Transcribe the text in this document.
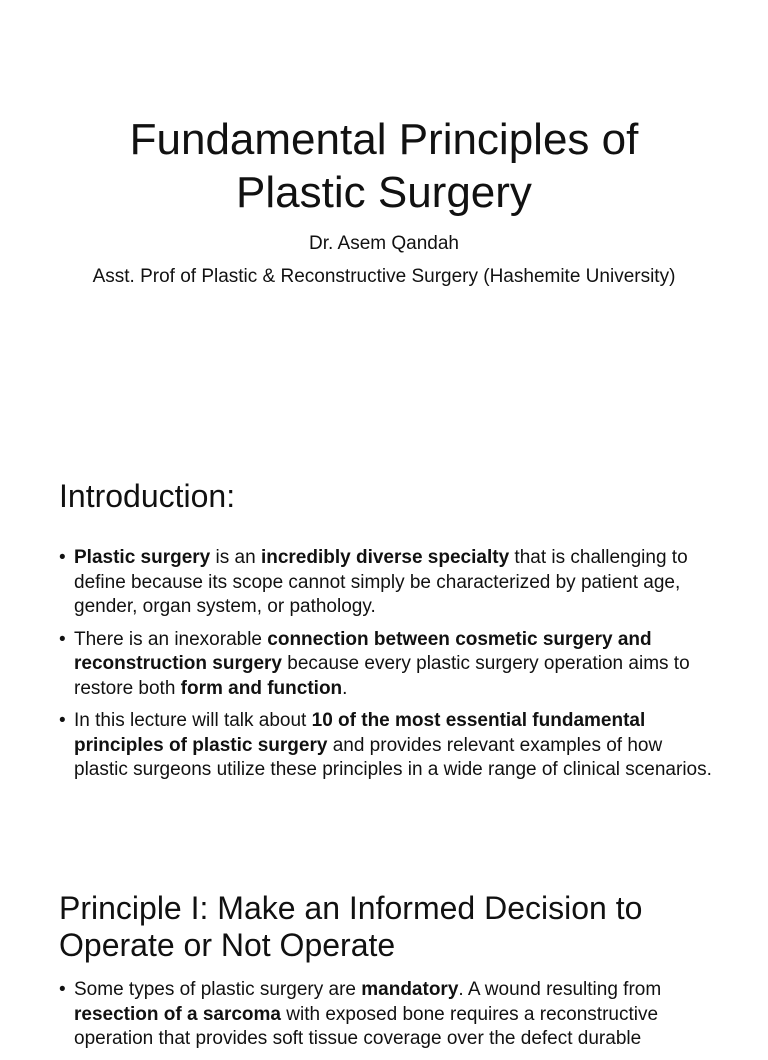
Fundamental Principles of
Plastic Surgery
Dr. Asem Qandah
Asst. Prof of Plastic & Reconstructive Surgery (Hashemite University)
Introduction:
• Plastic surgery is an incredibly diverse specialty that is challenging to define because its scope cannot simply be characterized by patient age, gender, organ system, or pathology.
• There is an inexorable connection between cosmetic surgery and reconstruction surgery because every plastic surgery operation aims to restore both form and function.
• In this lecture will talk about 10 of the most essential fundamental principles of plastic surgery and provides relevant examples of how plastic surgeons utilize these principles in a wide range of clinical scenarios.
Principle I: Make an Informed Decision to
Operate or Not Operate
• Some types of plastic surgery are mandatory. A wound resulting from resection of a sarcoma with exposed bone requires a reconstructive operation that provides soft tissue coverage over the defect durable
